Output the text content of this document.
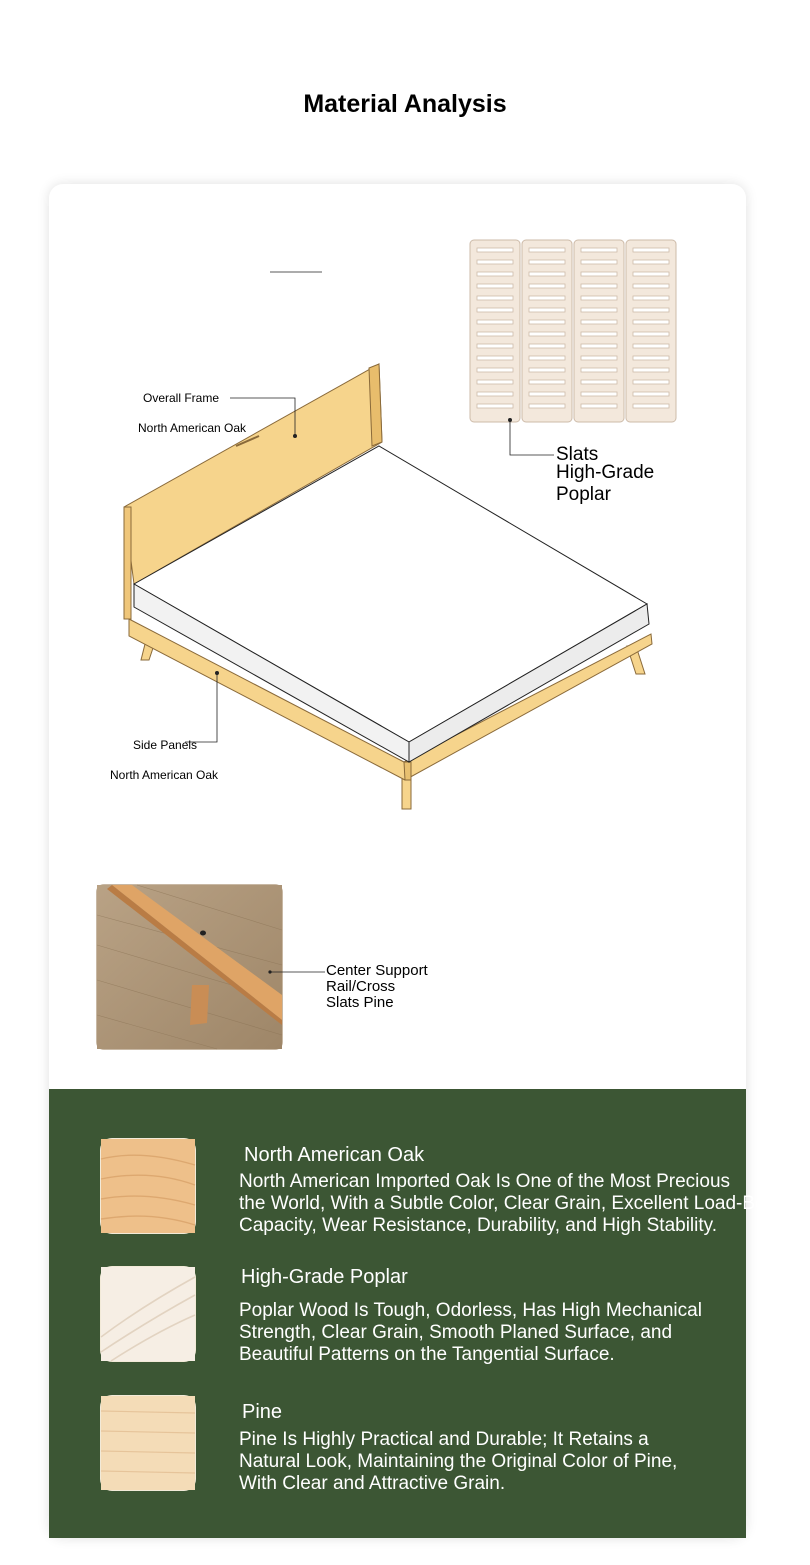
Material Analysis
Overall Frame
North American Oak
Slats
High-Grade
Poplar
Side Panels
North American Oak
Center Support
Rail/Cross
Slats Pine
North American Oak
North American Imported Oak Is One of the Most Precious
the World, With a Subtle Color, Clear Grain, Excellent Load-Bearing
Capacity, Wear Resistance, Durability, and High Stability.
High-Grade Poplar
Poplar Wood Is Tough, Odorless, Has High Mechanical
Strength, Clear Grain, Smooth Planed Surface, and
Beautiful Patterns on the Tangential Surface.
Pine
Pine Is Highly Practical and Durable; It Retains a
Natural Look, Maintaining the Original Color of Pine,
With Clear and Attractive Grain.
